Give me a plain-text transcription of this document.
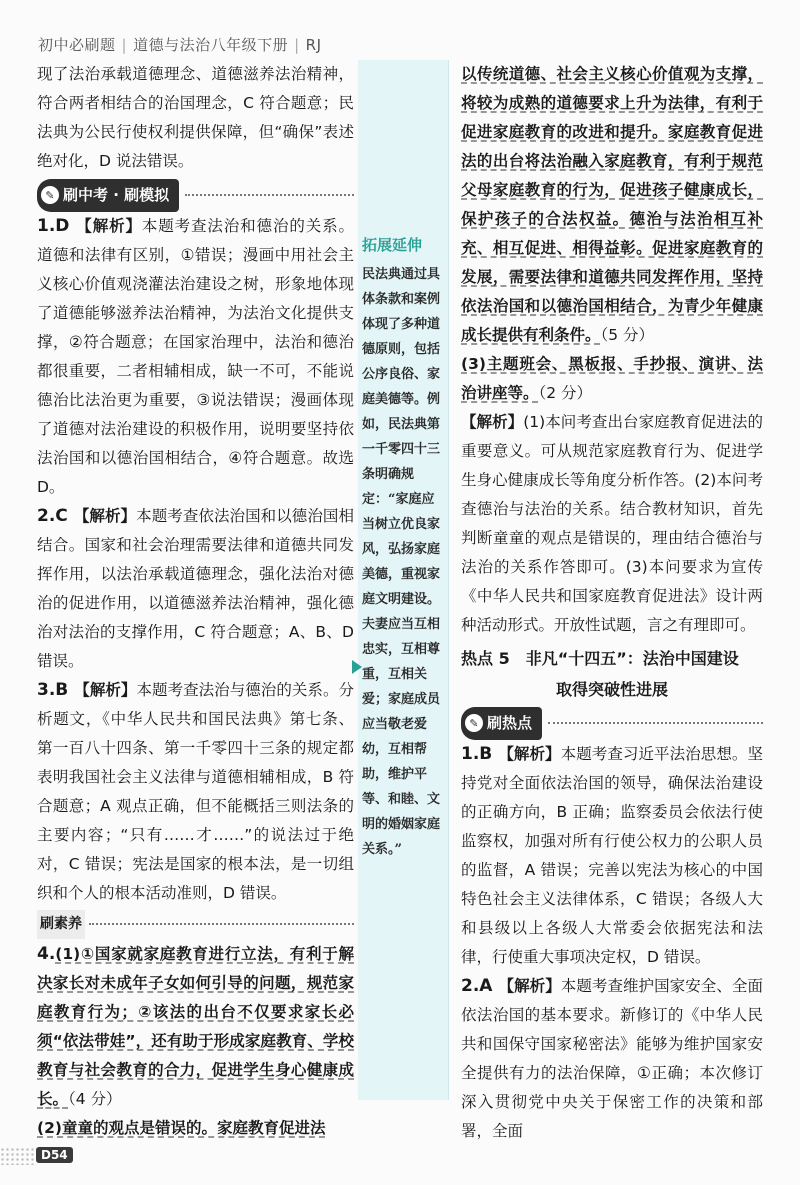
初中必刷题 | 道德与法治八年级下册 | RJ
拓展延伸
民法典通过具体条款和案例体现了多种道德原则，包括公序良俗、家庭美德等。例如，民法典第一千零四十三条明确规定：“家庭应当树立优良家风，弘扬家庭美德，重视家庭文明建设。夫妻应当互相忠实，互相尊重，互相关爱；家庭成员应当敬老爱幼，互相帮助，维护平等、和睦、文明的婚姻家庭关系。”

现了法治承载道德理念、道德滋养法治精神，符合两者相结合的治国理念，C 符合题意；民法典为公民行使权利提供保障，但“确保”表述绝对化，D 说法错误。

✎ 刷中考 · 刷模拟

1.D 【解析】本题考查法治和德治的关系。道德和法律有区别，①错误；漫画中用社会主义核心价值观浇灌法治建设之树，形象地体现了道德能够滋养法治精神，为法治文化提供支撑，②符合题意；在国家治理中，法治和德治都很重要，二者相辅相成，缺一不可，不能说德治比法治更为重要，③说法错误；漫画体现了道德对法治建设的积极作用，说明要坚持依法治国和以德治国相结合，④符合题意。故选 D。

2.C 【解析】本题考查依法治国和以德治国相结合。国家和社会治理需要法律和道德共同发挥作用，以法治承载道德理念，强化法治对德治的促进作用，以道德滋养法治精神，强化德治对法治的支撑作用，C 符合题意；A、B、D 错误。

3.B 【解析】本题考查法治与德治的关系。分析题文，《中华人民共和国民法典》第七条、第一百八十四条、第一千零四十三条的规定都表明我国社会主义法律与道德相辅相成，B 符合题意；A 观点正确，但不能概括三则法条的主要内容；“只有……才……”的说法过于绝对，C 错误；宪法是国家的根本法，是一切组织和个人的根本活动准则，D 错误。

刷素养

4.(1)①国家就家庭教育进行立法，有利于解决家长对未成年子女如何引导的问题，规范家庭教育行为；②该法的出台不仅要求家长必须“依法带娃”，还有助于形成家庭教育、学校教育与社会教育的合力，促进学生身心健康成长。（4 分）

(2)童童的观点是错误的。家庭教育促进法

以传统道德、社会主义核心价值观为支撑，将较为成熟的道德要求上升为法律，有利于促进家庭教育的改进和提升。家庭教育促进法的出台将法治融入家庭教育，有利于规范父母家庭教育的行为，促进孩子健康成长，保护孩子的合法权益。德治与法治相互补充、相互促进、相得益彰。促进家庭教育的发展，需要法律和道德共同发挥作用，坚持依法治国和以德治国相结合，为青少年健康成长提供有利条件。（5 分）

(3)主题班会、黑板报、手抄报、演讲、法治讲座等。（2 分）

【解析】(1)本问考查出台家庭教育促进法的重要意义。可从规范家庭教育行为、促进学生身心健康成长等角度分析作答。(2)本问考查德治与法治的关系。结合教材知识，首先判断童童的观点是错误的，理由结合德治与法治的关系作答即可。(3)本问要求为宣传《中华人民共和国家庭教育促进法》设计两种活动形式。开放性试题，言之有理即可。

热点 5　非凡“十四五”：法治中国建设
取得突破性进展
✎ 刷热点

1.B 【解析】本题考查习近平法治思想。坚持党对全面依法治国的领导，确保法治建设的正确方向，B 正确；监察委员会依法行使监察权，加强对所有行使公权力的公职人员的监督，A 错误；完善以宪法为核心的中国特色社会主义法律体系，C 错误；各级人大和县级以上各级人大常委会依据宪法和法律，行使重大事项决定权，D 错误。

2.A 【解析】本题考查维护国家安全、全面依法治国的基本要求。新修订的《中华人民共和国保守国家秘密法》能够为维护国家安全提供有力的法治保障，①正确；本次修订深入贯彻党中央关于保密工作的决策和部署，全面

D54
